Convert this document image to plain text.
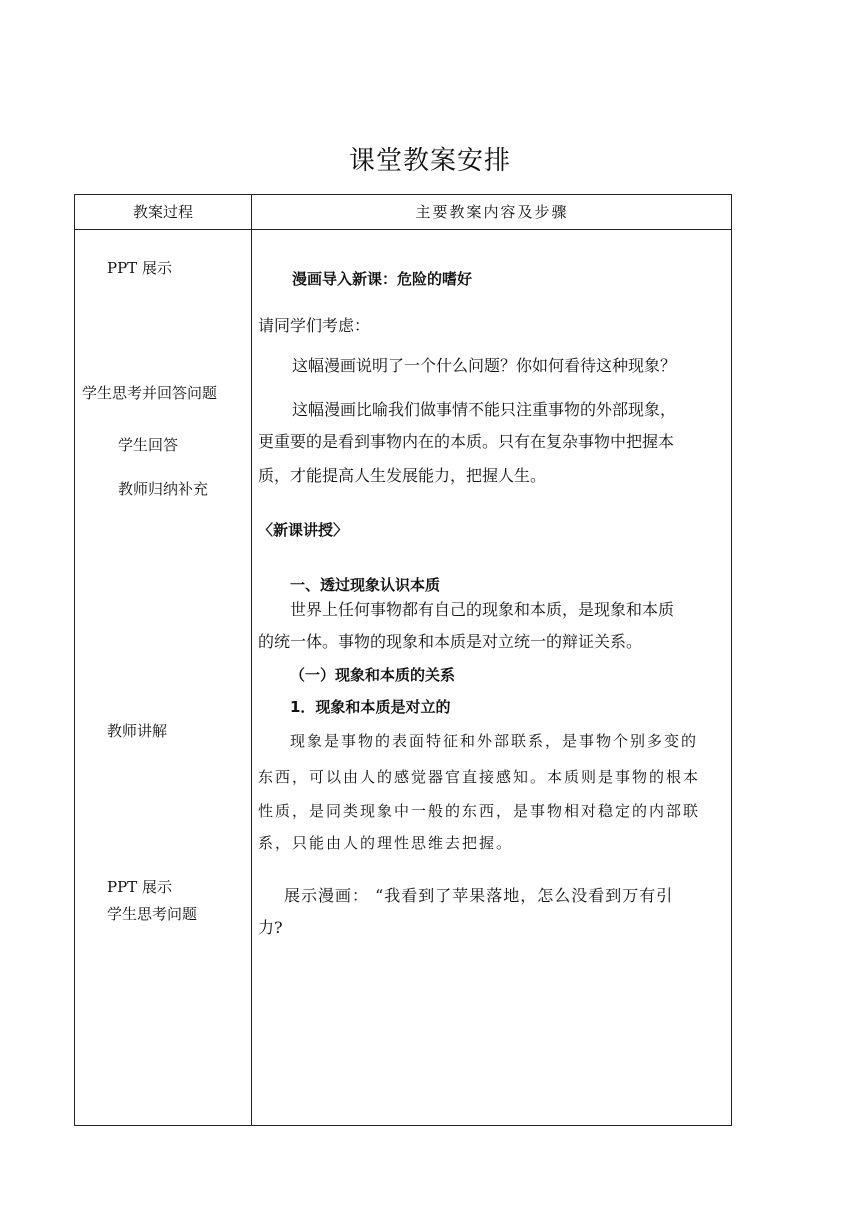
课堂教案安排
教案过程	主要教案内容及步骤
PPT 展示
学生思考并回答问题
学生回答
教师归纳补充
教师讲解
PPT 展示
学生思考问题
漫画导入新课：危险的嗜好
请同学们考虑：
这幅漫画说明了一个什么问题？你如何看待这种现象？
这幅漫画比喻我们做事情不能只注重事物的外部现象，
更重要的是看到事物内在的本质。只有在复杂事物中把握本
质，才能提高人生发展能力，把握人生。
〈新课讲授〉
一、透过现象认识本质
世界上任何事物都有自己的现象和本质，是现象和本质
的统一体。事物的现象和本质是对立统一的辩证关系。
（一）现象和本质的关系
1．现象和本质是对立的
现象是事物的表面特征和外部联系，是事物个别多变的
东西，可以由人的感觉器官直接感知。本质则是事物的根本
性质，是同类现象中一般的东西，是事物相对稳定的内部联
系，只能由人的理性思维去把握。
展示漫画： “我看到了苹果落地，怎么没看到万有引
力?
